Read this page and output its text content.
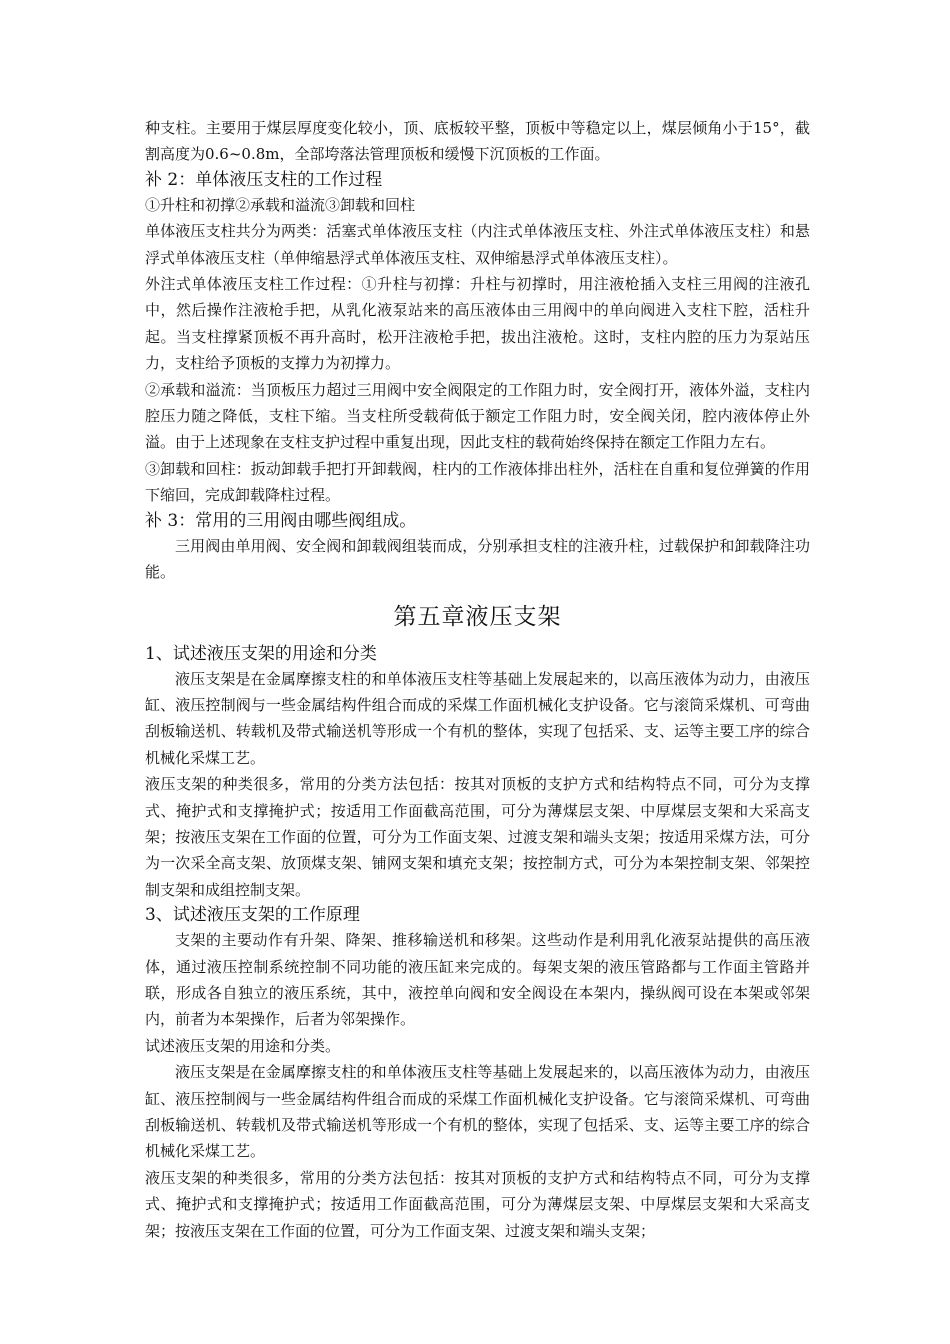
种支柱。主要用于煤层厚度变化较小，顶、底板较平整，顶板中等稳定以上，煤层倾角小于15°，截割高度为0.6~0.8m，全部垮落法管理顶板和缓慢下沉顶板的工作面。

补 2：单体液压支柱的工作过程

①升柱和初撑②承载和溢流③卸载和回柱

单体液压支柱共分为两类：活塞式单体液压支柱（内注式单体液压支柱、外注式单体液压支柱）和悬浮式单体液压支柱（单伸缩悬浮式单体液压支柱、双伸缩悬浮式单体液压支柱）。

外注式单体液压支柱工作过程：①升柱与初撑：升柱与初撑时，用注液枪插入支柱三用阀的注液孔中，然后操作注液枪手把，从乳化液泵站来的高压液体由三用阀中的单向阀进入支柱下腔，活柱升起。当支柱撑紧顶板不再升高时，松开注液枪手把，拔出注液枪。这时，支柱内腔的压力为泵站压力，支柱给予顶板的支撑力为初撑力。

②承载和溢流：当顶板压力超过三用阀中安全阀限定的工作阻力时，安全阀打开，液体外溢，支柱内腔压力随之降低，支柱下缩。当支柱所受载荷低于额定工作阻力时，安全阀关闭，腔内液体停止外溢。由于上述现象在支柱支护过程中重复出现，因此支柱的载荷始终保持在额定工作阻力左右。

③卸载和回柱：扳动卸载手把打开卸载阀，柱内的工作液体排出柱外，活柱在自重和复位弹簧的作用下缩回，完成卸载降柱过程。

补 3：常用的三用阀由哪些阀组成。

三用阀由单用阀、安全阀和卸载阀组装而成，分别承担支柱的注液升柱，过载保护和卸载降注功能。

第五章液压支架

1、试述液压支架的用途和分类

液压支架是在金属摩擦支柱的和单体液压支柱等基础上发展起来的，以高压液体为动力，由液压缸、液压控制阀与一些金属结构件组合而成的采煤工作面机械化支护设备。它与滚筒采煤机、可弯曲刮板输送机、转载机及带式输送机等形成一个有机的整体，实现了包括采、支、运等主要工序的综合机械化采煤工艺。

液压支架的种类很多，常用的分类方法包括：按其对顶板的支护方式和结构特点不同，可分为支撑式、掩护式和支撑掩护式；按适用工作面截高范围，可分为薄煤层支架、中厚煤层支架和大采高支架；按液压支架在工作面的位置，可分为工作面支架、过渡支架和端头支架；按适用采煤方法，可分为一次采全高支架、放顶煤支架、铺网支架和填充支架；按控制方式，可分为本架控制支架、邻架控制支架和成组控制支架。

3、试述液压支架的工作原理

支架的主要动作有升架、降架、推移输送机和移架。这些动作是利用乳化液泵站提供的高压液体，通过液压控制系统控制不同功能的液压缸来完成的。每架支架的液压管路都与工作面主管路并联，形成各自独立的液压系统，其中，液控单向阀和安全阀设在本架内，操纵阀可设在本架或邻架内，前者为本架操作，后者为邻架操作。

试述液压支架的用途和分类。

液压支架是在金属摩擦支柱的和单体液压支柱等基础上发展起来的，以高压液体为动力，由液压缸、液压控制阀与一些金属结构件组合而成的采煤工作面机械化支护设备。它与滚筒采煤机、可弯曲刮板输送机、转载机及带式输送机等形成一个有机的整体，实现了包括采、支、运等主要工序的综合机械化采煤工艺。

液压支架的种类很多，常用的分类方法包括：按其对顶板的支护方式和结构特点不同，可分为支撑式、掩护式和支撑掩护式；按适用工作面截高范围，可分为薄煤层支架、中厚煤层支架和大采高支架；按液压支架在工作面的位置，可分为工作面支架、过渡支架和端头支架；
